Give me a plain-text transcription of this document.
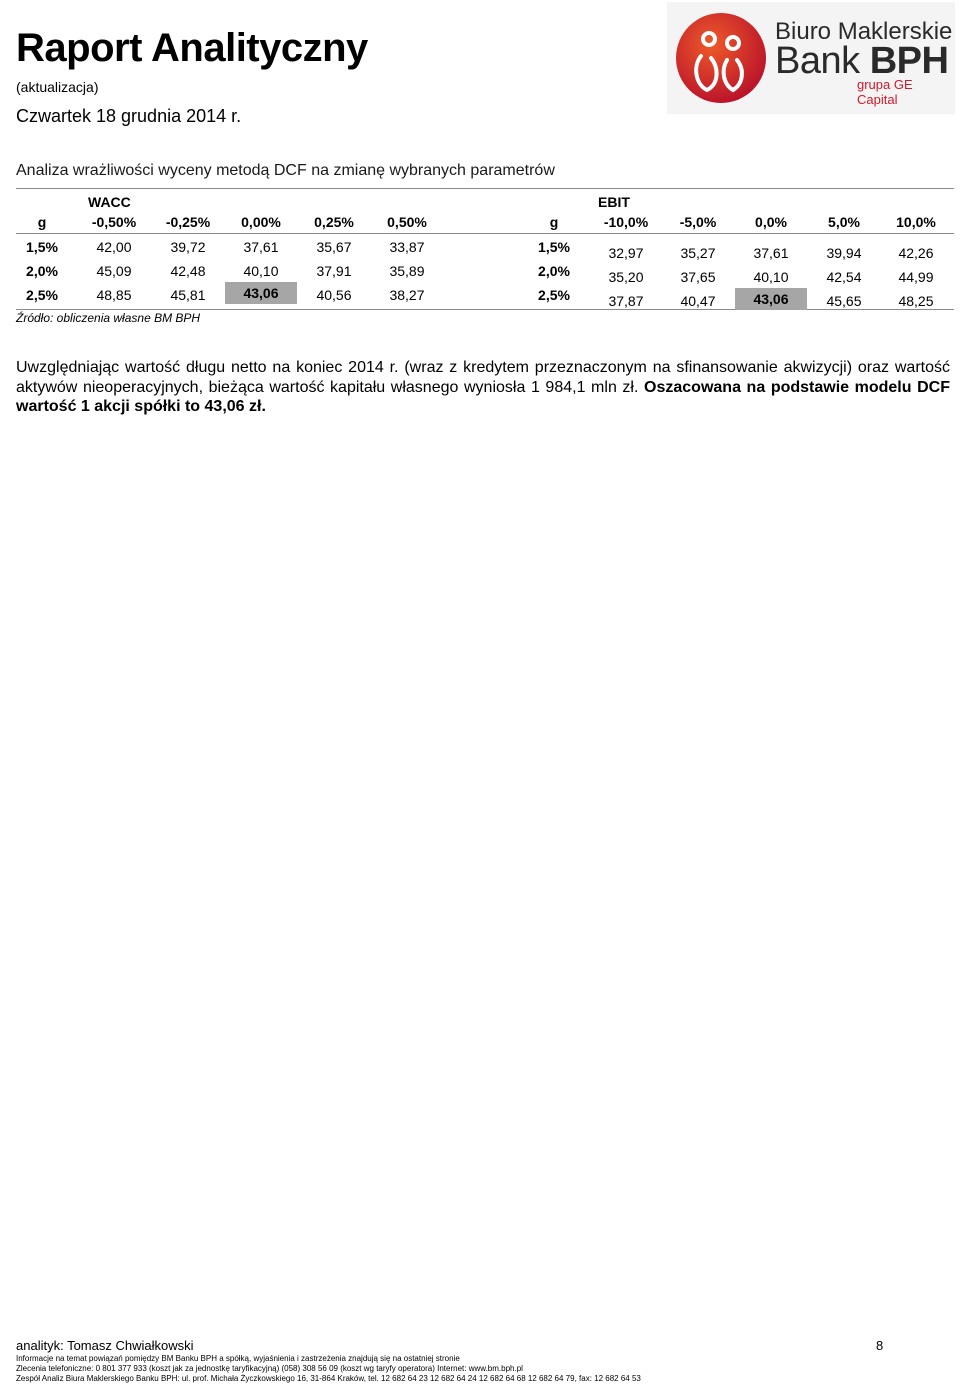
Raport Analityczny
(aktualizacja)
Czwartek 18 grudnia 2014 r.
Biuro Maklerskie
Bank BPH
grupa GE Capital
Analiza wrażliwości wyceny metodą DCF na zmianę wybranych parametrów
WACC
g	-0,50%	-0,25%	0,00%	0,25%	0,50%
1,5%	42,00	39,72	37,61	35,67	33,87
2,0%	45,09	42,48	40,10	37,91	35,89
2,5%	48,85	45,81	43,06	40,56	38,27
EBIT
g	-10,0%	-5,0%	0,0%	5,0%	10,0%
1,5%	32,97	35,27	37,61	39,94	42,26
2,0%	35,20	37,65	40,10	42,54	44,99
2,5%	37,87	40,47	43,06	45,65	48,25
Źródło: obliczenia własne BM BPH
Uwzględniając wartość długu netto na koniec 2014 r. (wraz z kredytem przeznaczonym na sfinansowanie akwizycji) oraz wartość aktywów nieoperacyjnych, bieżąca wartość kapitału własnego wyniosła 1 984,1 mln zł. Oszacowana na podstawie modelu DCF wartość 1 akcji spółki to 43,06 zł.
analityk: Tomasz Chwiałkowski	8
Informacje na temat powiązań pomiędzy BM Banku BPH a spółką, wyjaśnienia i zastrzeżenia znajdują się na ostatniej stronie
Zlecenia telefoniczne: 0 801 377 933 (koszt jak za jednostkę taryfikacyjną) (058) 308 56 09 (koszt wg taryfy operatora) Internet: www.bm.bph.pl
Zespół Analiz Biura Maklerskiego Banku BPH: ul. prof. Michała Życzkowskiego 16, 31-864 Kraków, tel. 12 682 64 23 12 682 64 24 12 682 64 68 12 682 64 79, fax: 12 682 64 53
